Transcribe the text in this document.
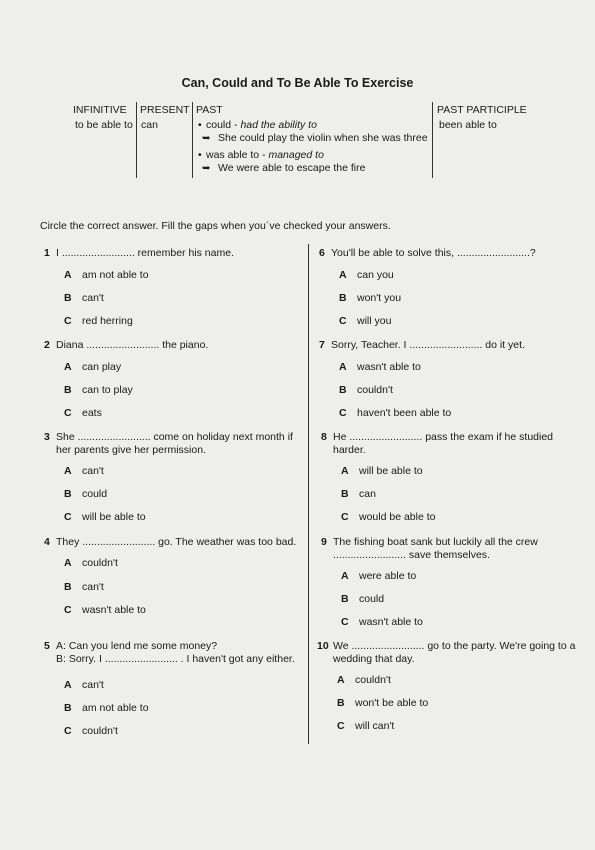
Can, Could and To Be Able To Exercise
INFINITIVE PRESENT PAST	PAST PARTICIPLE
to be able to can	been able to
• could - had the ability to
➥ She could play the violin when she was three
• was able to - managed to
➥ We were able to escape the fire
Circle the correct answer. Fill the gaps when you´ve checked your answers.
1 I ......................... remember his name.
A am not able to
B can't
C red herring
2 Diana ......................... the piano.
A can play
B can to play
C eats
3 She ......................... come on holiday next month if
her parents give her permission.
A can't
B could
C will be able to
4 They ......................... go. The weather was too bad.
A couldn't
B can't
C wasn't able to
5 A: Can you lend me some money?
B: Sorry. I ......................... . I haven't got any either.
A can't
B am not able to
C couldn't
6 You'll be able to solve this, .........................?
A can you
B won't you
C will you
7 Sorry, Teacher. I ......................... do it yet.
A wasn't able to
B couldn't
C haven't been able to
8 He ......................... pass the exam if he studied
harder.
A will be able to
B can
C would be able to
9 The fishing boat sank but luckily all the crew
......................... save themselves.
A were able to
B could
C wasn't able to
10 We ......................... go to the party. We're going to a
wedding that day.
A couldn't
B won't be able to
C will can't
